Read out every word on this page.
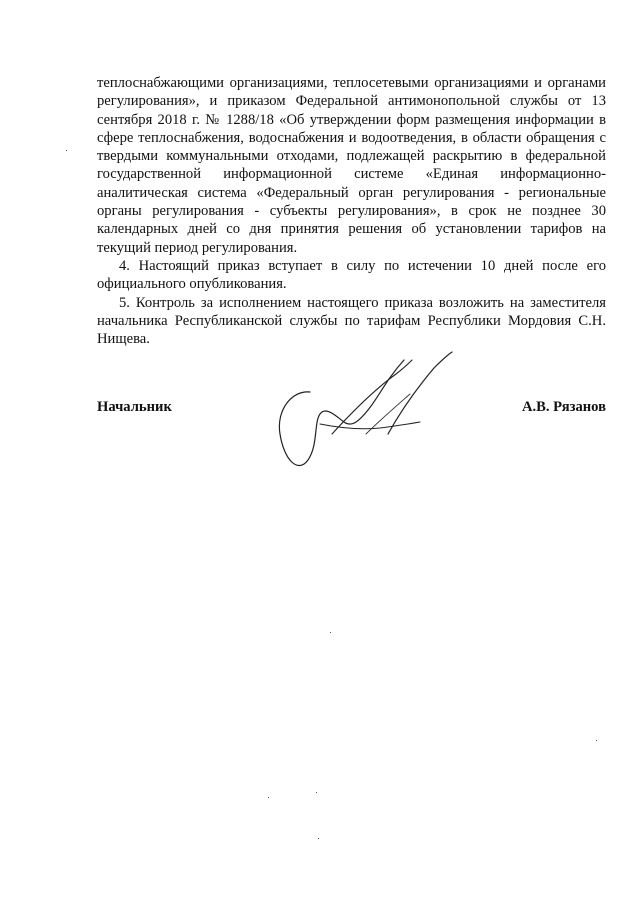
теплоснабжающими организациями, теплосетевыми организациями и органами регулирования», и приказом Федеральной антимонопольной службы от 13 сентября 2018 г. № 1288/18 «Об утверждении форм размещения информации в сфере теплоснабжения, водоснабжения и водоотведения, в области обращения с твердыми коммунальными отходами, подлежащей раскрытию в федеральной государственной информационной системе «Единая информационно-аналитическая система «Федеральный орган регулирования - региональные органы регулирования - субъекты регулирования», в срок не позднее 30 календарных дней со дня принятия решения об установлении тарифов на текущий период регулирования.

4. Настоящий приказ вступает в силу по истечении 10 дней после его официального опубликования.

5. Контроль за исполнением настоящего приказа возложить на заместителя начальника Республиканской службы по тарифам Республики Мордовия С.Н. Нищева.

Начальник	А.В. Рязанов
